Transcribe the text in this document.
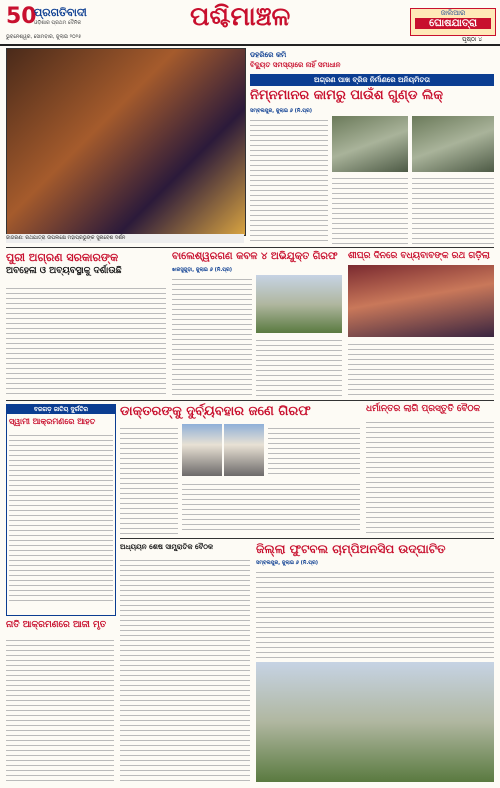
50
ପ୍ରଗତିବାଦୀ
ଓଡ଼ିଶାର ପ୍ରଥମ ଦୈନିକ
ଭୁବନେଶ୍ୱର, ସୋମବାର, ଜୁଲାଇ ୨୦୨୫
ପଶ୍ଚିମାଞ୍ଚଳ	ଜାଲିଆର
ଘୋଷଯାତ୍ରା
ପୃଷ୍ଠା ୪
ଜାଗରଣ: ରଥଯାତ୍ରା ଉପଲକ୍ଷେ ମହାପ୍ରଭୁଙ୍କ ସୁନାବେଶ ଦର୍ଶନ
ଡହରିରେ କମି
ବିଦ୍ୟୁତ ସମସ୍ୟାରେ ନାହିଁ ସମାଧାନ
ଅଗ୍ରଣ ପାଖ ବ୍ରିଜ ନିର୍ମାଣରେ ଅନିୟମିତତା
ନିମ୍ନମାନର କାମରୁ ପାଉଁଶ ଗୁଣ୍ଡ ଲିକ୍
ସମ୍ବଲପୁର, ଜୁଲାଇ ୬ (ନି.ପ୍ର)
ପୁରୀ ଅଗ୍ରଣ ସରକାରଙ୍କ
ଅବହେଳା ଓ ଅବ୍ୟବସ୍ଥାକୁ ଦର୍ଶାଉଛି
ବାଲେଶ୍ୱରଗଣ କବଳ ୪ ଅଭିଯୁକ୍ତ ଗିରଫ
ଝାରସୁଗୁଡ଼ା, ଜୁଲାଇ ୬ (ନି.ପ୍ର)
ଶୀଘ୍ର ଦିନରେ ବଧ୍ୟବାବଙ୍କ ରଥ ଗଡ଼ିଲା
ବରଗଡ଼ ଜାତିୟ ଦୁର୍ଗତିର
ସ୍ୱାମୀ ଆକ୍ରମଣରେ ଆହତ
ଡାକ୍ତରଙ୍କୁ ଦୁର୍ବ୍ୟବହାର ଜଣେ ଗିରଫ	ଧର୍ମାନ୍ତର ଲାଗି ପ୍ରସ୍ତୁତି ବୈଠକ
ଅଧ୍ୟୟନ ଶେଷ ସାମ୍ପ୍ରାତିକ ବୈଠକ	ଜିଲ୍ଲା ଫୁଟବଲ ଚାମ୍ପିଅନସିପ ଉଦ୍‌ଘାଟିତ
ସମ୍ବଲପୁର, ଜୁଲାଇ ୬ (ନି.ପ୍ର)
ନାତି ଆକ୍ରମଣରେ ଆଜୀ ମୃତ
